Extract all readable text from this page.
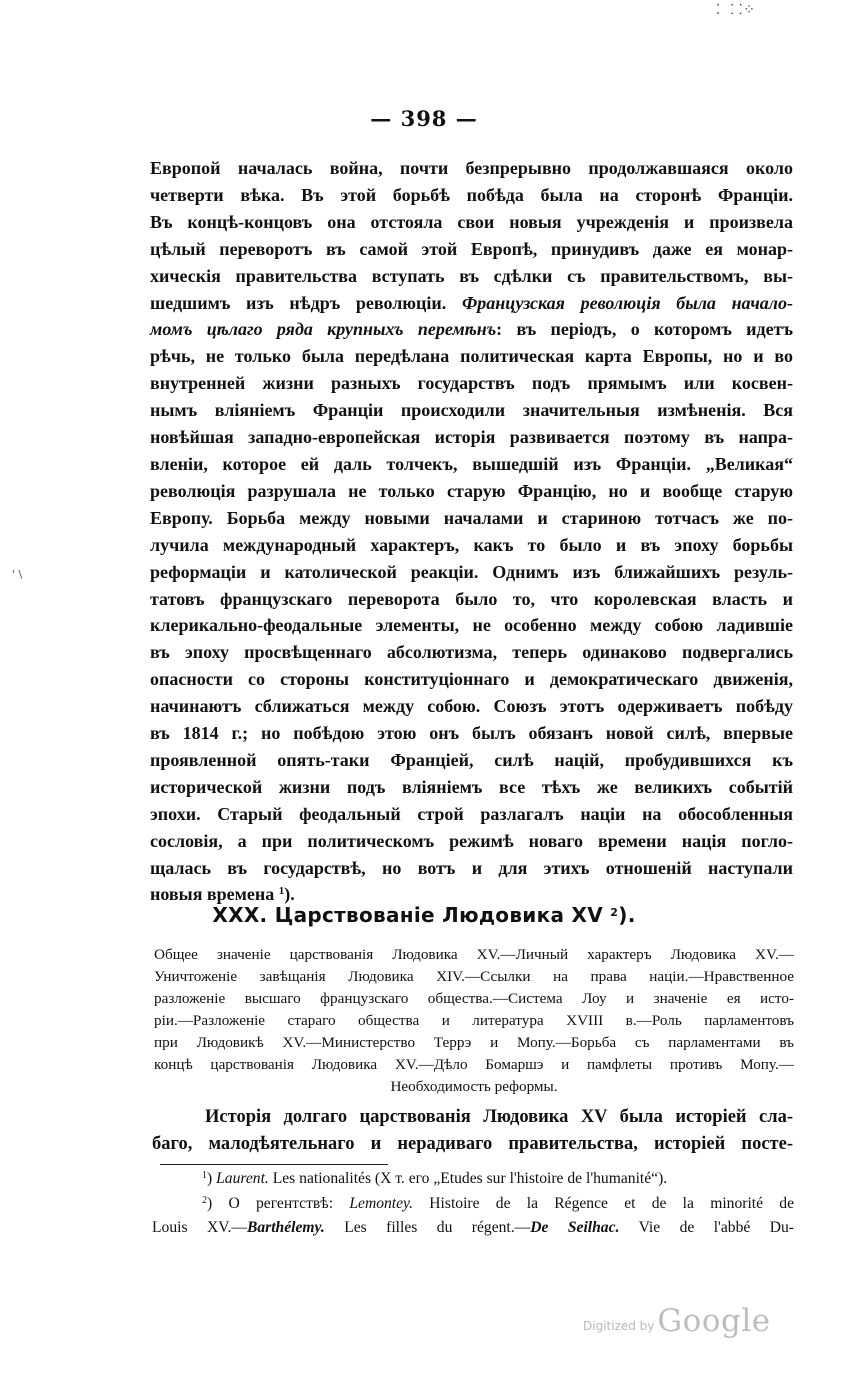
⁚ ⸬⁘
' \
— 398 —
Европой началась война, почти безпрерывно продолжавшаяся около
четверти вѣка. Въ этой борьбѣ побѣда была на сторонѣ Франціи.
Въ концѣ-концовъ она отстояла свои новыя учрежденія и произвела
цѣлый переворотъ въ самой этой Европѣ, принудивъ даже ея монар-
хическія правительства вступать въ сдѣлки съ правительствомъ, вы-
шедшимъ изъ нѣдръ революціи. Французская революція была начало-
момъ цѣлаго ряда крупныхъ перемѣнъ: въ періодъ, о которомъ идетъ
рѣчь, не только была передѣлана политическая карта Европы, но и во
внутренней жизни разныхъ государствъ подъ прямымъ или косвен-
нымъ вліяніемъ Франціи происходили значительныя измѣненія. Вся
новѣйшая западно-европейская исторія развивается поэтому въ напра-
вленіи, которое ей даль толчекъ, вышедшій изъ Франціи. „Великая“
революція разрушала не только старую Францію, но и вообще старую
Европу. Борьба между новыми началами и стариною тотчасъ же по-
лучила международный характеръ, какъ то было и въ эпоху борьбы
реформаціи и католической реакціи. Однимъ изъ ближайшихъ резуль-
татовъ французскаго переворота было то, что королевская власть и
клерикально-феодальные элементы, не особенно между собою ладившіе
въ эпоху просвѣщеннаго абсолютизма, теперь одинаково подвергались
опасности со стороны конституціоннаго и демократическаго движенія,
начинаютъ сближаться между собою. Союзъ этотъ одерживаетъ побѣду
въ 1814 г.; но побѣдою этою онъ былъ обязанъ новой силѣ, впервые
проявленной опять-таки Франціей, силѣ націй, пробудившихся къ
исторической жизни подъ вліяніемъ все тѣхъ же великихъ событій
эпохи. Старый феодальный строй разлагалъ націи на обособленныя
сословія, а при политическомъ режимѣ новаго времени нація погло-
щалась въ государствѣ, но вотъ и для этихъ отношеній наступали
новыя времена $^1$).
XXX. Царствованіе Людовика XV $^2$).
Общее значеніе царствованія Людовика XV.—Личный характеръ Людовика XV.—
Уничтоженіе завѣщанія Людовика XIV.—Ссылки на права націи.—Нравственное
разложеніе высшаго французскаго общества.—Система Лоу и значеніе ея исто-
ріи.—Разложеніе стараго общества и литература XVIII в.—Роль парламентовъ
при Людовикѣ XV.—Министерство Террэ и Мопу.—Борьба съ парламентами въ
концѣ царствованія Людовика XV.—Дѣло Бомаршэ и памфлеты противъ Мопу.—
Необходимость реформы.
Исторія долгаго царствованія Людовика XV была исторіей сла-
баго, малодѣятельнаго и нерадиваго правительства, исторіей посте-
$^1$) Laurent. Les nationalités (X т. его „Etudes sur l'histoire de l'humanité“).
$^2$) О регентствѣ: Lemontey. Histoire de la Régence et de la minorité de
Louis XV.—Barthélemy. Les filles du régent.—De Seilhac. Vie de l'abbé Du-
Digitized by Google
